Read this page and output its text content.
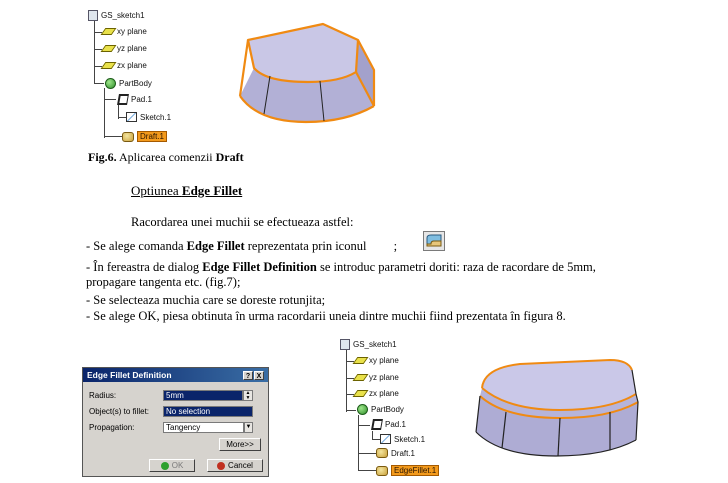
GS_sketch1
xy plane
yz plane
zx plane
PartBody
Pad.1
Sketch.1
Draft.1
Fig.6. Aplicarea comenzii Draft
Optiunea Edge Fillet
Racordarea unei muchii se efectueaza astfel:
- Se alege comanda Edge Fillet reprezentata prin iconul ;
- În fereastra de dialog Edge Fillet Definition se introduc parametri doriti: raza de racordare de 5mm,
propagare tangenta etc. (fig.7);
- Se selecteaza muchia care se doreste rotunjita;
- Se alege OK, piesa obtinuta în urma racordarii uneia dintre muchii fiind prezentata în figura 8.
Edge Fillet Definition	? X
Radius:	5mm	▲
▼
Object(s) to fillet:	No selection
Propagation:	Tangency	▼
More>>
OK	Cancel
GS_sketch1
xy plane
yz plane
zx plane
PartBody
Pad.1
Sketch.1
Draft.1
EdgeFillet.1
